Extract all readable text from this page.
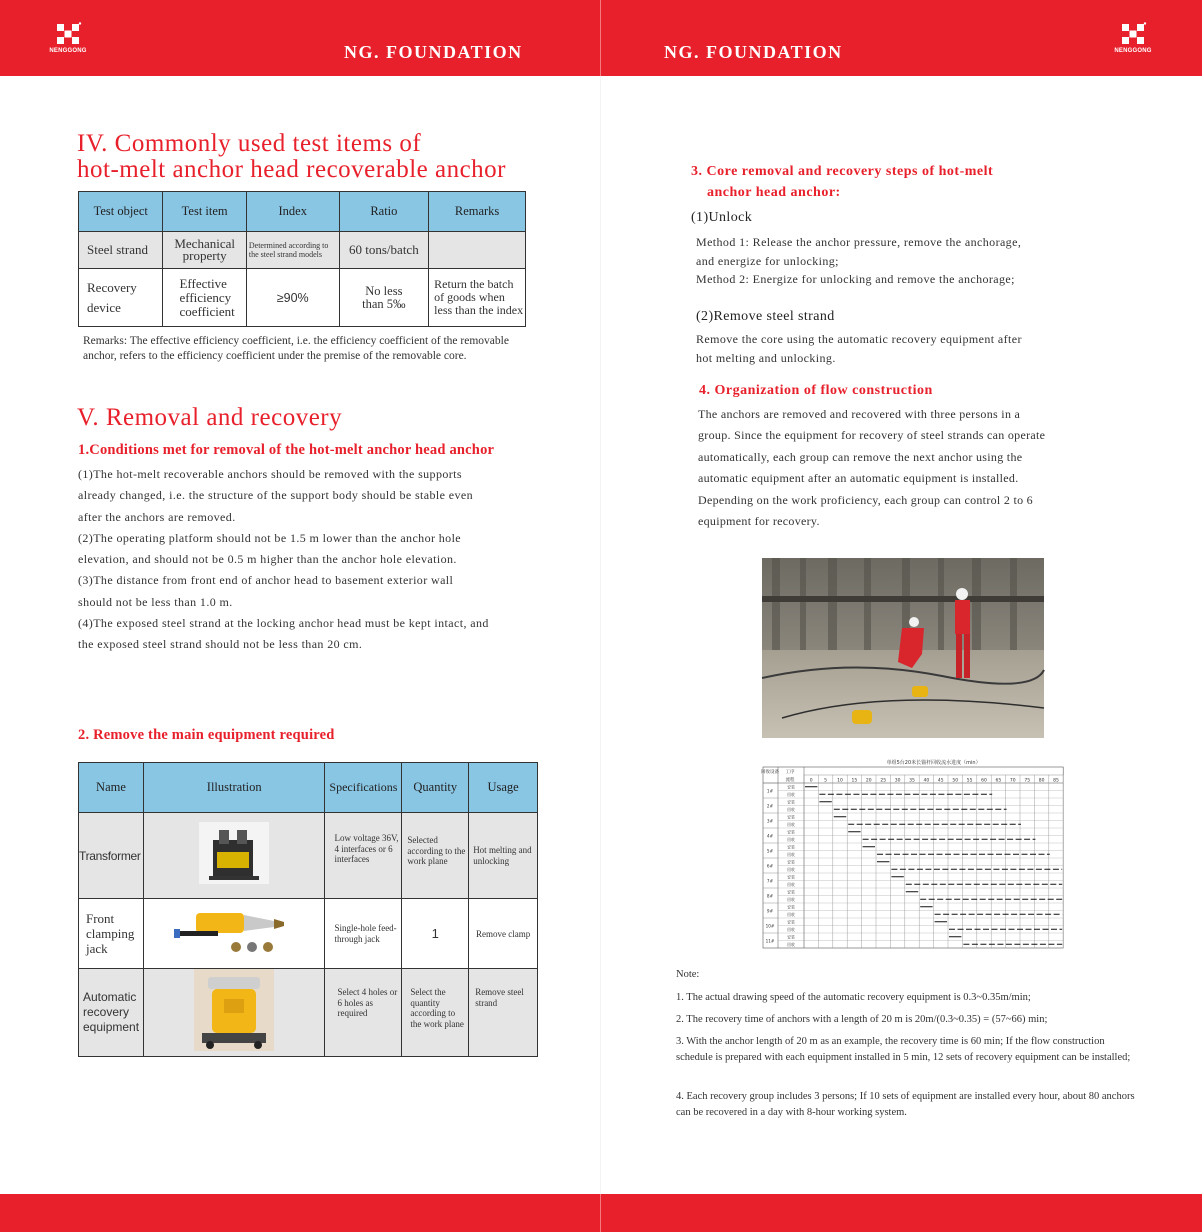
NENGGONG	NENGGONG
NG. FOUNDATION	NG. FOUNDATION
IV. Commonly used test items of
hot-melt anchor head recoverable anchor
Test object	Test item	Index	Ratio	Remarks
Steel strand	Mechanical property	Determined according to the steel strand models	60 tons/batch	
Recovery device	Effective efficiency coefficient	≥90%	No less than 5‰	Return the batch of goods when less than the index
Remarks: The effective efficiency coefficient, i.e. the efficiency coefficient of the removable anchor, refers to the efficiency coefficient under the premise of the removable core.
V. Removal and recovery
1.Conditions met for removal of the hot-melt anchor head anchor
(1)The hot-melt recoverable anchors should be removed with the supports
already changed, i.e. the structure of the support body should be stable even
after the anchors are removed.
(2)The operating platform should not be 1.5 m lower than the anchor hole
elevation, and should not be 0.5 m higher than the anchor hole elevation.
(3)The distance from front end of anchor head to basement exterior wall
should not be less than 1.0 m.
(4)The exposed steel strand at the locking anchor head must be kept intact, and
the exposed steel strand should not be less than 20 cm.
2. Remove the main equipment required
Name	Illustration	Specifications	Quantity	Usage
Transformer		Low voltage 36V, 4 interfaces or 6 interfaces	Selected according to the work plane	Hot melting and unlocking
Front clamping jack		Single-hole feed-through jack	1	Remove clamp
Automatic recovery equipment		Select 4 holes or 6 holes as required	Select the quantity according to the work plane	Remove steel strand
3. Core removal and recovery steps of hot-melt
anchor head anchor:
(1)Unlock
Method 1: Release the anchor pressure, remove the anchorage,
and energize for unlocking;
Method 2: Energize for unlocking and remove the anchorage;
(2)Remove steel strand
Remove the core using the automatic recovery equipment after
hot melting and unlocking.
4. Organization of flow construction
The anchors are removed and recovered with three persons in a
group. Since the equipment for recovery of steel strands can operate
automatically, each group can remove the next anchor using the
automatic equipment after an automatic equipment is installed.
Depending on the work proficiency, each group can control 2 to 6
equipment for recovery.
单组5台20米长锚杆回收流水进度（min）
工序
回收设备
流程	0	5 10 15 20 25 30 35 40 45 50 55 60 65 70 75 80 85
安装
回收
安装
回收
安装
回收
安装
回收
安装
回收
安装
回收
安装
回收
安装
回收
安装
回收
安装
回收
安装
回收
1#
2#
3#
4#
5#
6#
7#
8#
9#
10#
11#
Note:
1. The actual drawing speed of the automatic recovery equipment is 0.3~0.35m/min;
2. The recovery time of anchors with a length of 20 m is 20m/(0.3~0.35) = (57~66) min;
3. With the anchor length of 20 m as an example, the recovery time is 60 min; If the flow construction schedule is prepared with each equipment installed in 5 min, 12 sets of recovery equipment can be installed;
4. Each recovery group includes 3 persons; If 10 sets of equipment are installed every hour, about 80 anchors can be recovered in a day with 8-hour working system.
